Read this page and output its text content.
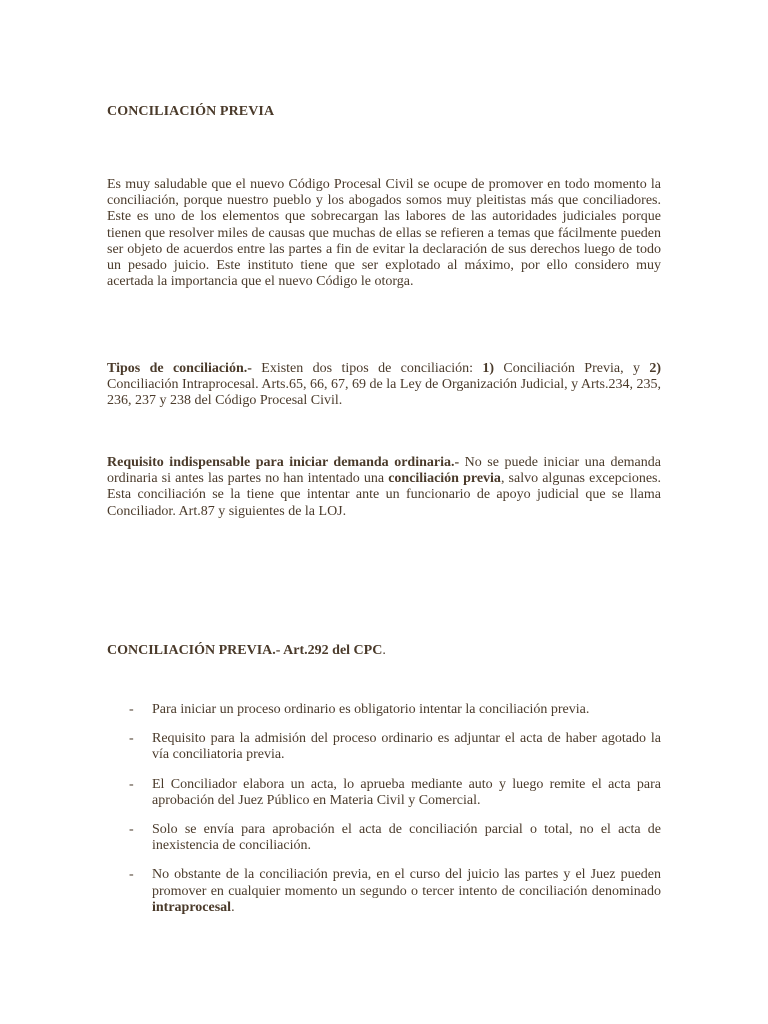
CONCILIACIÓN PREVIA

Es muy saludable que el nuevo Código Procesal Civil se ocupe de promover en todo momento la conciliación, porque nuestro pueblo y los abogados somos muy pleitistas más que conciliadores. Este es uno de los elementos que sobrecargan las labores de las autoridades judiciales porque tienen que resolver miles de causas que muchas de ellas se refieren a temas que fácilmente pueden ser objeto de acuerdos entre las partes a fin de evitar la declaración de sus derechos luego de todo un pesado juicio. Este instituto tiene que ser explotado al máximo, por ello considero muy acertada la importancia que el nuevo Código le otorga.

Tipos de conciliación.- Existen dos tipos de conciliación: 1) Conciliación Previa, y 2) Conciliación Intraprocesal. Arts.65, 66, 67, 69 de la Ley de Organización Judicial, y Arts.234, 235, 236, 237 y 238 del Código Procesal Civil.

Requisito indispensable para iniciar demanda ordinaria.- No se puede iniciar una demanda ordinaria si antes las partes no han intentado una conciliación previa, salvo algunas excepciones. Esta conciliación se la tiene que intentar ante un funcionario de apoyo judicial que se llama Conciliador. Art.87 y siguientes de la LOJ.

CONCILIACIÓN PREVIA.- Art.292 del CPC.
- Para iniciar un proceso ordinario es obligatorio intentar la conciliación previa.
- Requisito para la admisión del proceso ordinario es adjuntar el acta de haber agotado la vía conciliatoria previa.
- El Conciliador elabora un acta, lo aprueba mediante auto y luego remite el acta para aprobación del Juez Público en Materia Civil y Comercial.
- Solo se envía para aprobación el acta de conciliación parcial o total, no el acta de inexistencia de conciliación.
- No obstante de la conciliación previa, en el curso del juicio las partes y el Juez pueden promover en cualquier momento un segundo o tercer intento de conciliación denominado intraprocesal.
